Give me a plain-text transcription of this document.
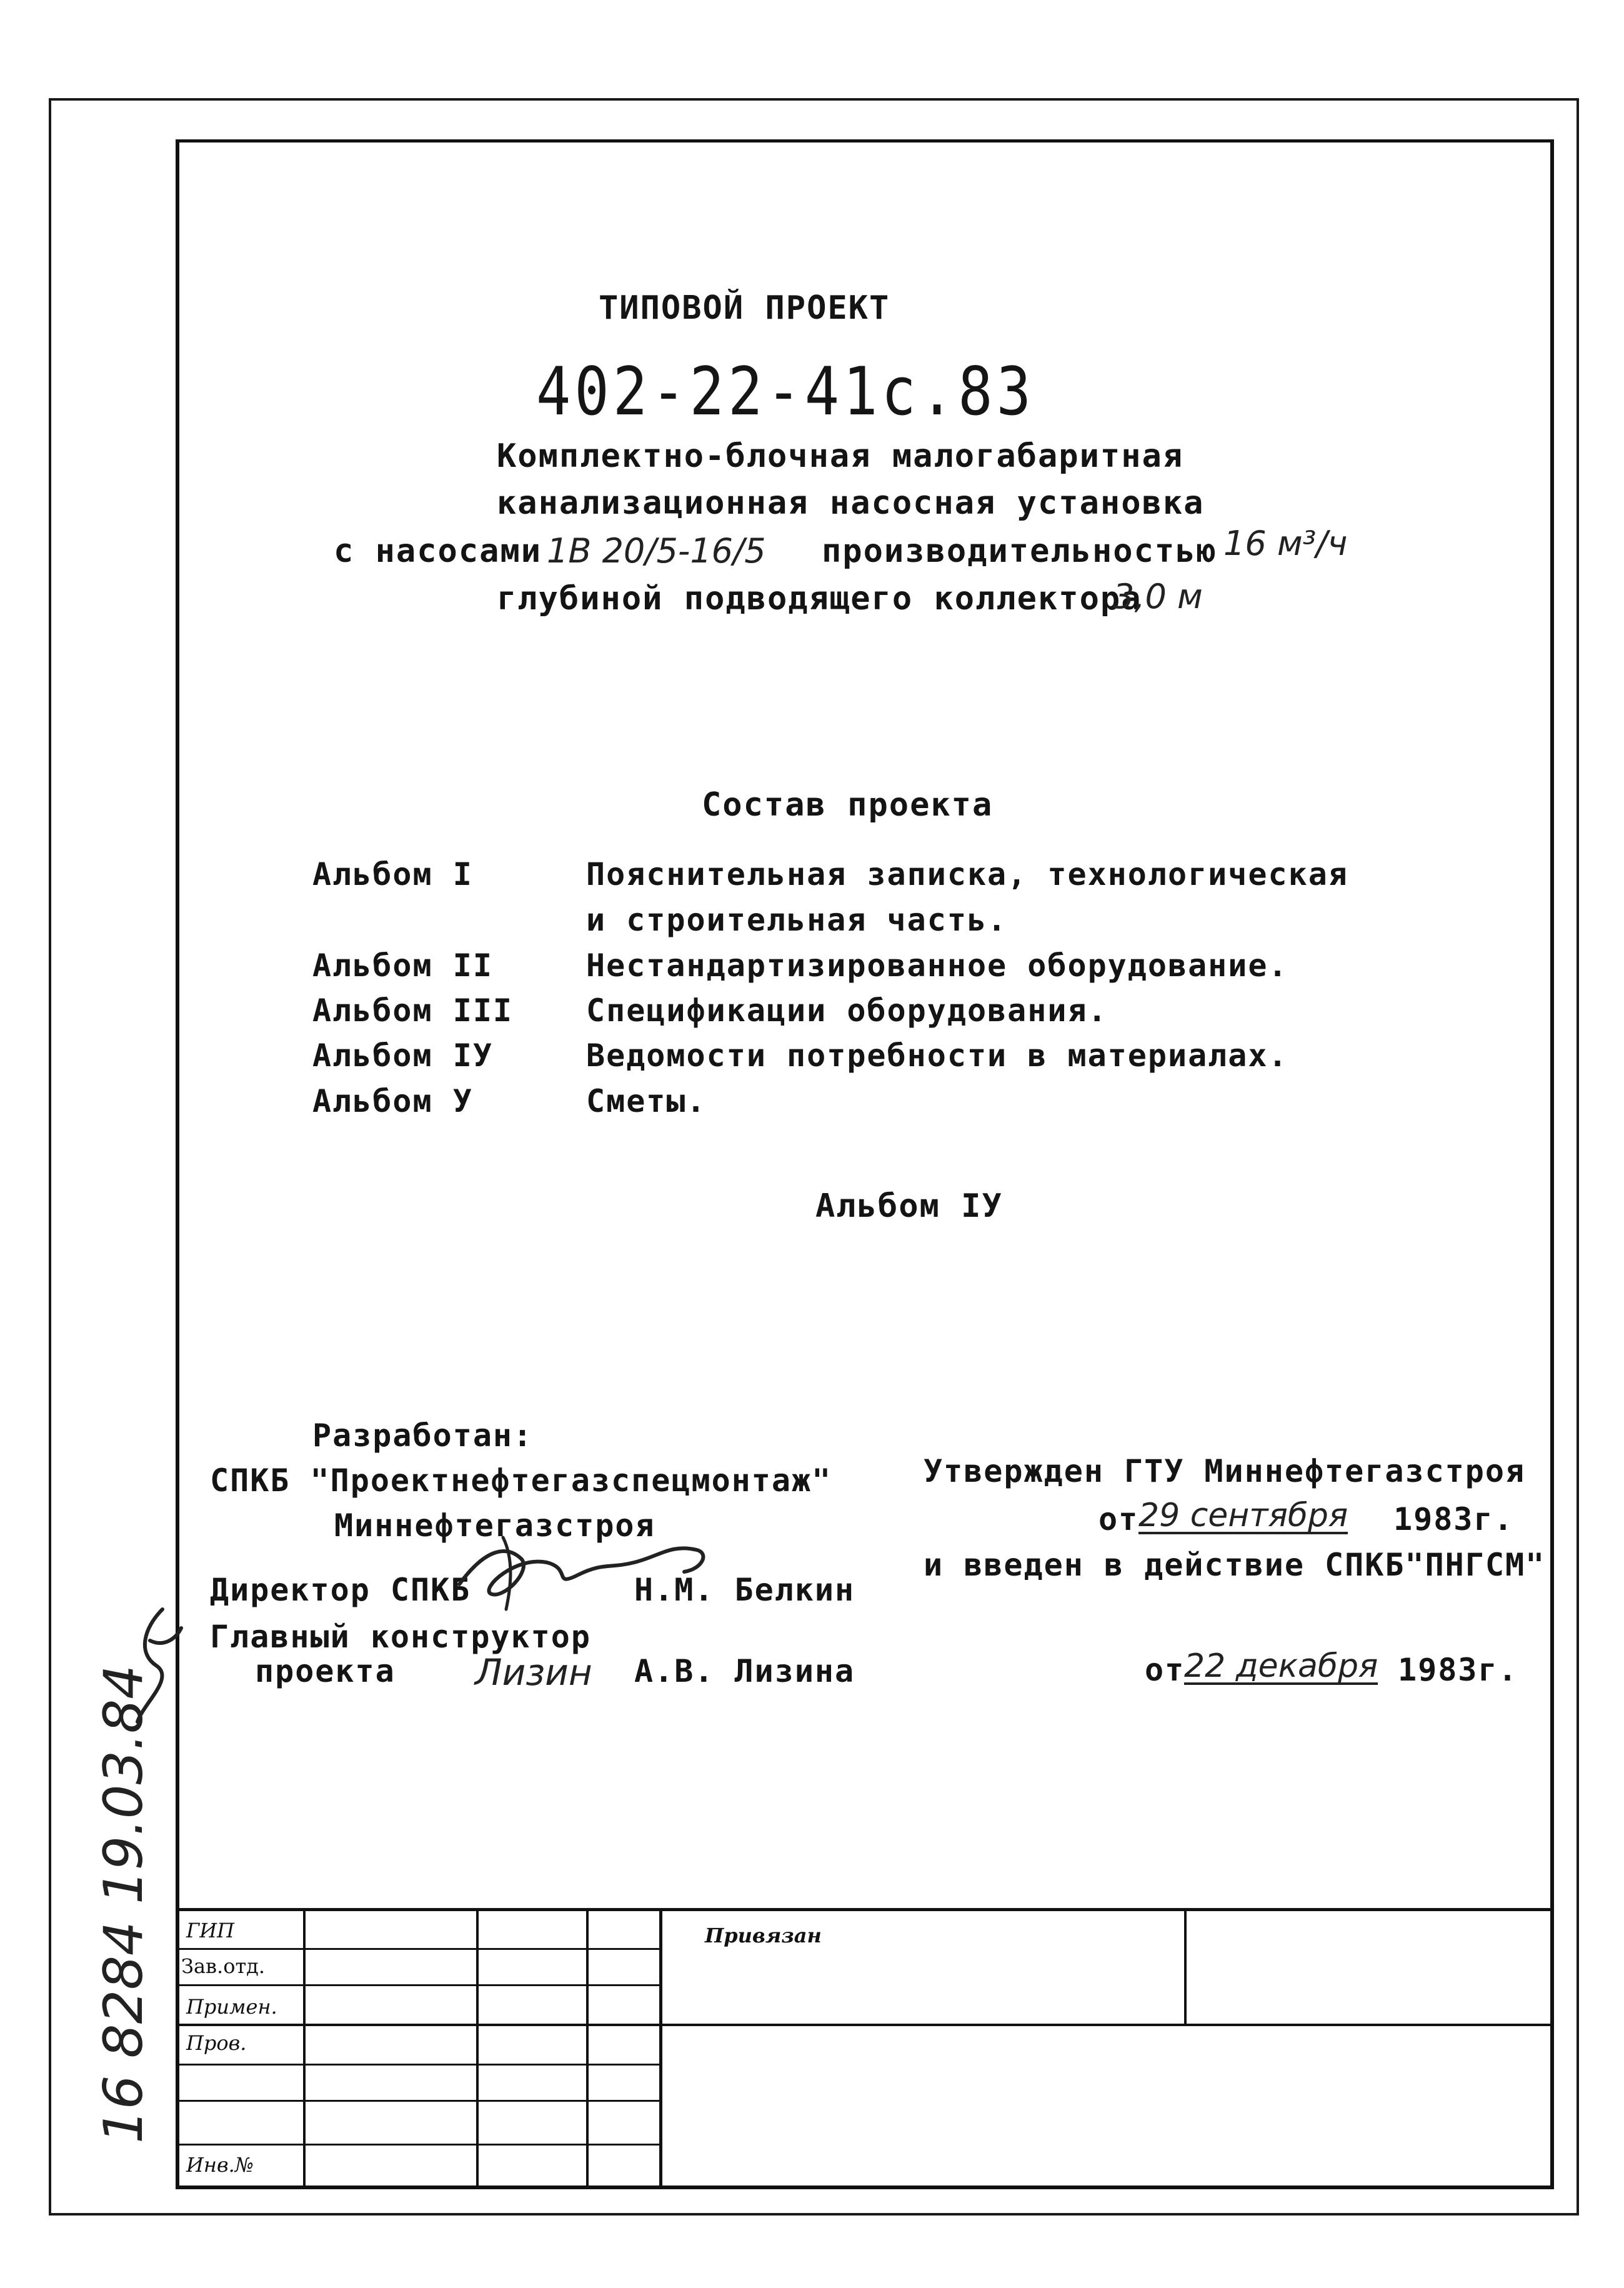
ТИПОВОЙ ПРОЕКТ
402-22-41с.83
Комплектно-блочная малогабаритная
канализационная насосная установка
с насосами 1В 20/5-16/5 производительностью 16 м³/ч
глубиной подводящего коллектора
3,0 м
Состав проекта
Альбом I	Пояснительная записка, технологическая
и строительная часть.
Альбом II	Нестандартизированное оборудование.
Альбом III Спецификации оборудования.
Альбом IУ	Ведомости потребности в материалах.
Альбом У	Сметы.
Альбом IУ
Разработан:
СПКБ "Проектнефтегазспецмонтаж"
Миннефтегазстроя
Директор СПКБ	Н.М. Белкин
Главный конструктор
проекта Лизин А.В. Лизина
Утвержден ГТУ Миннефтегазстроя
от 29 сентября 1983г.
и введен в действие СПКБ"ПНГСМ"
от
22 декабря 1983г.
16 8284 19.03.84 ГИП
Зав.отд.
Примен.
Пров.
Инв.№
Привязан
